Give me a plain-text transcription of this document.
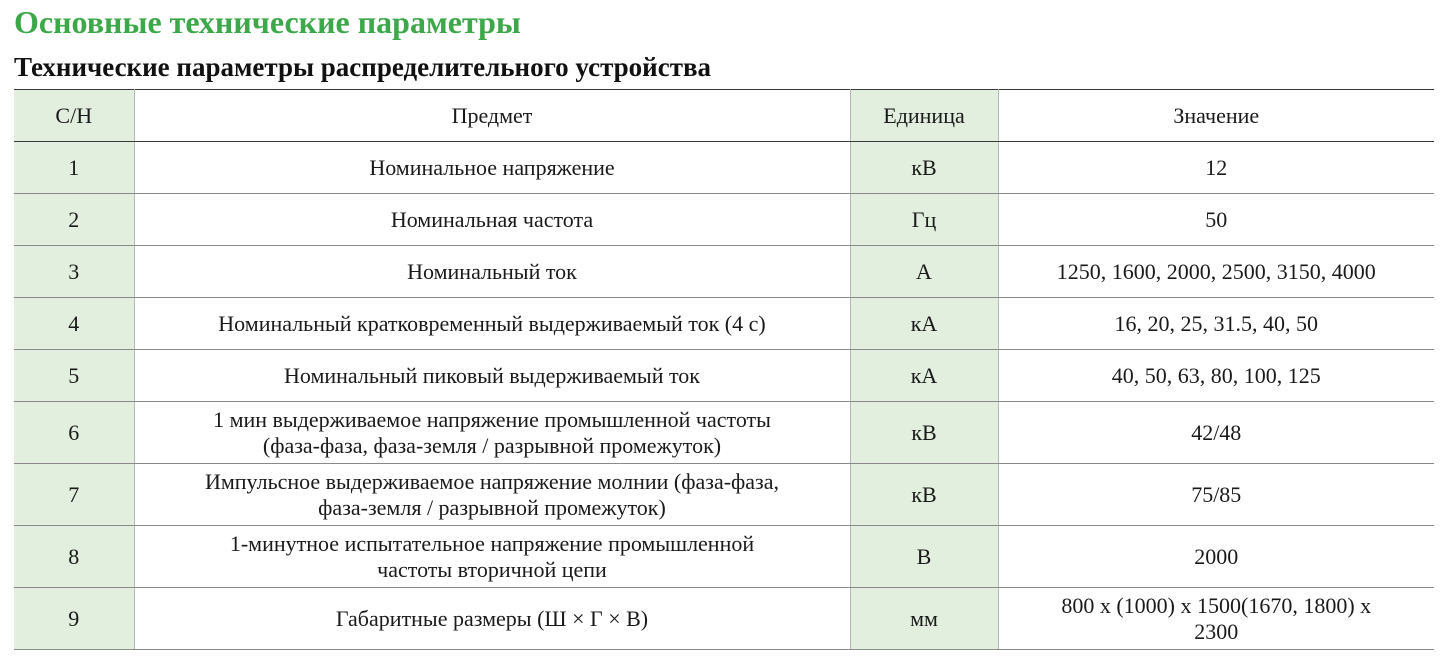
Основные технические параметры
Технические параметры распределительного устройства
С/Н	Предмет	Единица	Значение
1	Номинальное напряжение	кВ	12
2	Номинальная частота	Гц	50
3	Номинальный ток	A	1250, 1600, 2000, 2500, 3150, 4000
4	Номинальный кратковременный выдерживаемый ток (4 с)	кА	16, 20, 25, 31.5, 40, 50
5	Номинальный пиковый выдерживаемый ток	кА	40, 50, 63, 80, 100, 125
6	1 мин выдерживаемое напряжение промышленной частоты
(фаза-фаза, фаза-земля / разрывной промежуток)	кВ	42/48
7	Импульсное выдерживаемое напряжение молнии (фаза-фаза,
фаза-земля / разрывной промежуток)	кВ	75/85
8	1-минутное испытательное напряжение промышленной
частоты вторичной цепи	В	2000
9	Габаритные размеры (Ш × Г × В)	мм	800 x (1000) x 1500(1670, 1800) x
2300
